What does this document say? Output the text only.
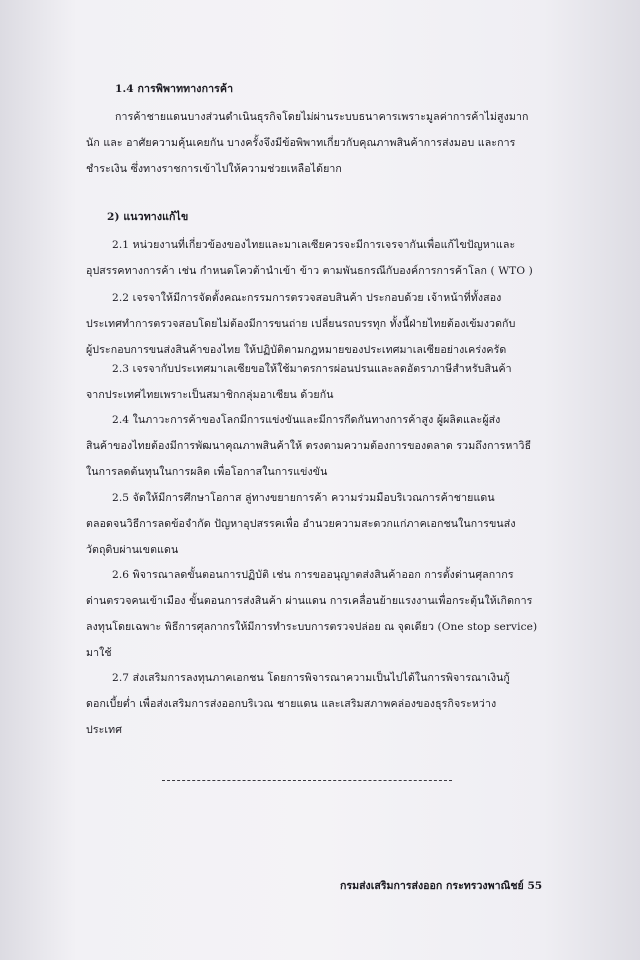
1.4 การพิพาททางการค้า
การค้าชายแดนบางส่วนดำเนินธุรกิจโดยไม่ผ่านระบบธนาคารเพราะมูลค่าการค้าไม่สูงมาก
นัก และ อาศัยความคุ้นเคยกัน บางครั้งจึงมีข้อพิพาทเกี่ยวกับคุณภาพสินค้าการส่งมอบ และการ
ชำระเงิน ซึ่งทางราชการเข้าไปให้ความช่วยเหลือได้ยาก
2) แนวทางแก้ไข
2.1 หน่วยงานที่เกี่ยวข้องของไทยและมาเลเซียควรจะมีการเจรจากันเพื่อแก้ไขปัญหาและ
อุปสรรคทางการค้า เช่น กำหนดโควต้านำเข้า ข้าว ตามพันธกรณีกับองค์การการค้าโลก ( WTO )
2.2 เจรจาให้มีการจัดตั้งคณะกรรมการตรวจสอบสินค้า ประกอบด้วย เจ้าหน้าที่ทั้งสอง
ประเทศทำการตรวจสอบโดยไม่ต้องมีการขนถ่าย เปลี่ยนรถบรรทุก ทั้งนี้ฝ่ายไทยต้องเข้มงวดกับ
ผู้ประกอบการขนส่งสินค้าของไทย ให้ปฏิบัติตามกฎหมายของประเทศมาเลเซียอย่างเคร่งครัด
2.3 เจรจากับประเทศมาเลเซียขอให้ใช้มาตรการผ่อนปรนและลดอัตราภาษีสำหรับสินค้า
จากประเทศไทยเพราะเป็นสมาชิกกลุ่มอาเซียน ด้วยกัน
2.4 ในภาวะการค้าของโลกมีการแข่งขันและมีการกีดกันทางการค้าสูง ผู้ผลิตและผู้ส่ง
สินค้าของไทยต้องมีการพัฒนาคุณภาพสินค้าให้ ตรงตามความต้องการของตลาด รวมถึงการหาวิธี
ในการลดต้นทุนในการผลิต เพื่อโอกาสในการแข่งขัน
2.5 จัดให้มีการศึกษาโอกาส ลู่ทางขยายการค้า ความร่วมมือบริเวณการค้าชายแดน
ตลอดจนวิธีการลดข้อจำกัด ปัญหาอุปสรรคเพื่อ อำนวยความสะดวกแก่ภาคเอกชนในการขนส่ง
วัตถุดิบผ่านเขตแดน
2.6 พิจารณาลดขั้นตอนการปฏิบัติ เช่น การขออนุญาตส่งสินค้าออก การตั้งด่านศุลกากร
ด่านตรวจคนเข้าเมือง ขั้นตอนการส่งสินค้า ผ่านแดน การเคลื่อนย้ายแรงงานเพื่อกระตุ้นให้เกิดการ
ลงทุนโดยเฉพาะ พิธีการศุลกากรให้มีการทำระบบการตรวจปล่อย ณ จุดเดียว (One stop service)
มาใช้
2.7 ส่งเสริมการลงทุนภาคเอกชน โดยการพิจารณาความเป็นไปได้ในการพิจารณาเงินกู้
ดอกเบี้ยต่ำ เพื่อส่งเสริมการส่งออกบริเวณ ชายแดน และเสริมสภาพคล่องของธุรกิจระหว่าง
ประเทศ
กรมส่งเสริมการส่งออก กระทรวงพาณิชย์ 55
